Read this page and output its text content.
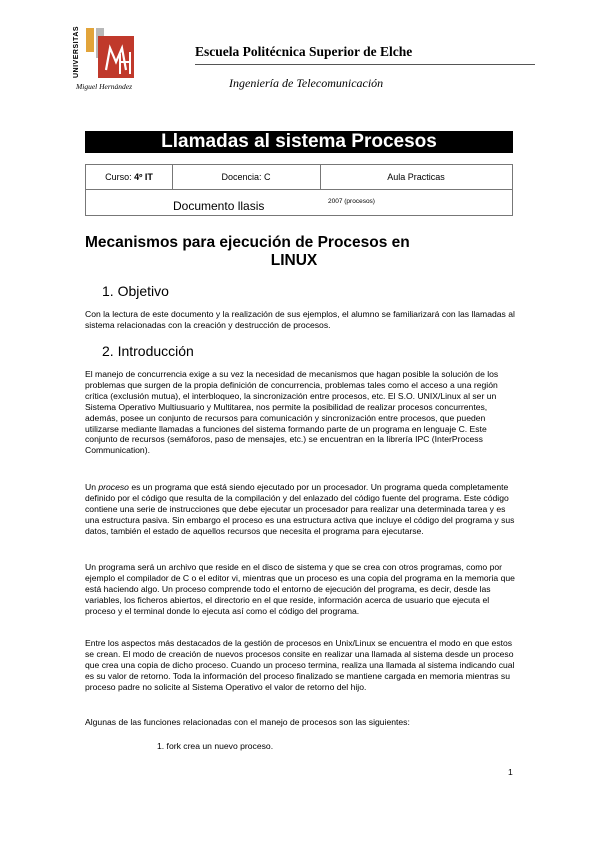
UNIVERSITAS
Miguel Hernández
Escuela Politécnica Superior de Elche
Ingeniería de Telecomunicación
Llamadas al sistema Procesos
Curso: 4º IT	Docencia: C	Aula Practicas
Documento llasis	2007 (procesos)
Mecanismos para ejecución de Procesos en
LINUX
1. Objetivo
Con la lectura de este documento y la realización de sus ejemplos, el alumno se familiarizará con las llamadas al sistema relacionadas con la creación y destrucción de procesos.
2. Introducción
El manejo de concurrencia exige a su vez la necesidad de mecanismos que hagan posible la solución de los problemas que surgen de la propia definición de concurrencia, problemas tales como el acceso a una región crítica (exclusión mutua), el interbloqueo, la sincronización entre procesos, etc. El S.O. UNIX/Linux al ser un Sistema Operativo Multiusuario y Multitarea, nos permite la posibilidad de realizar procesos concurrentes, además, posee un conjunto de recursos para comunicación y sincronización entre procesos, que pueden utilizarse mediante llamadas a funciones del sistema formando parte de un programa en lenguaje C. Este conjunto de recursos (semáforos, paso de mensajes, etc.) se encuentran en la librería IPC (InterProcess Communication).
Un proceso es un programa que está siendo ejecutado por un procesador. Un programa queda completamente definido por el código que resulta de la compilación y del enlazado del código fuente del programa. Este código contiene una serie de instrucciones que debe ejecutar un procesador para realizar una determinada tarea y es una estructura pasiva. Sin embargo el proceso es una estructura activa que incluye el código del programa y sus datos, también el estado de aquellos recursos que necesita el programa para ejecutarse.
Un programa será un archivo que reside en el disco de sistema y que se crea con otros programas, como por ejemplo el compilador de C o el editor vi, mientras que un proceso es una copia del programa en la memoria que está haciendo algo. Un proceso comprende todo el entorno de ejecución del programa, es decir, desde las variables, los ficheros abiertos, el directorio en el que reside, información acerca de usuario que ejecuta el proceso y el terminal donde lo ejecuta así como el código del programa.
Entre los aspectos más destacados de la gestión de procesos en Unix/Linux se encuentra el modo en que estos se crean. El modo de creación de nuevos procesos consite en realizar una llamada al sistema desde un proceso que crea una copia de dicho proceso. Cuando un proceso termina, realiza una llamada al sistema indicando cual es su valor de retorno. Toda la información del proceso finalizado se mantiene cargada en memoria mientras su proceso padre no solicite al Sistema Operativo el valor de retorno del hijo.
Algunas de las funciones relacionadas con el manejo de procesos son las siguientes:
1. fork crea un nuevo proceso.
1
